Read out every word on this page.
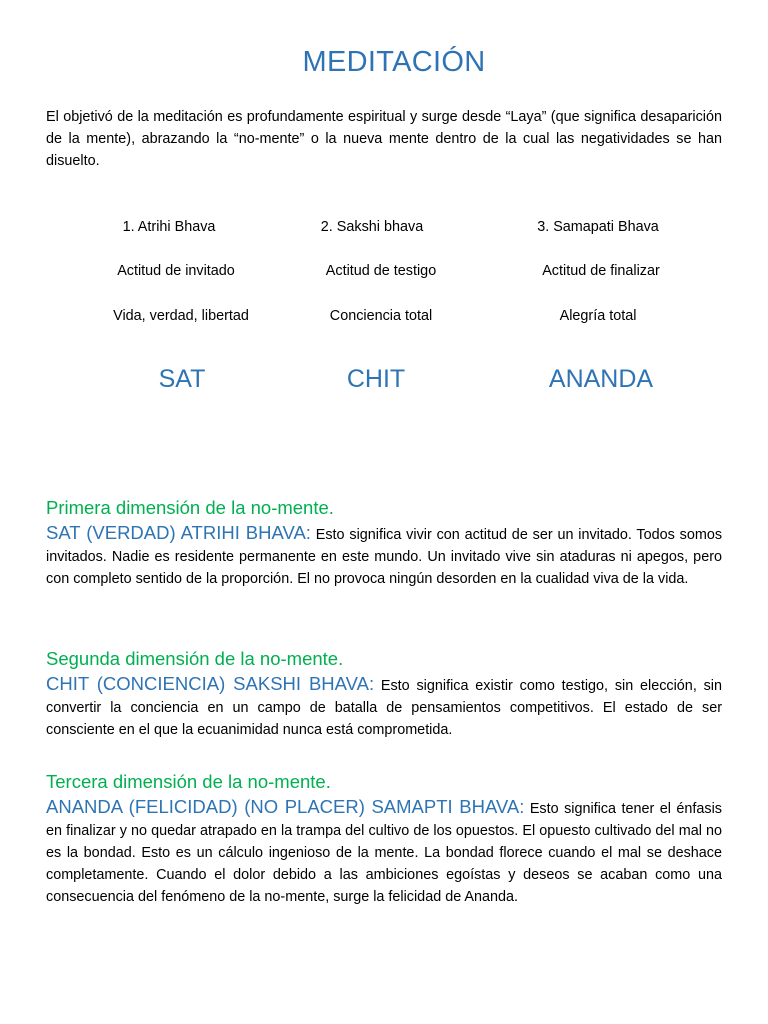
MEDITACIÓN

El objetivó de la meditación es profundamente espiritual y surge desde “Laya” (que significa desaparición de la mente), abrazando la “no-mente” o la nueva mente dentro de la cual las negatividades se han disuelto.

1. Atrihi Bhava
Actitud de invitado
Vida, verdad, libertad
SAT
2. Sakshi bhava
Actitud de testigo
Conciencia total
CHIT
3. Samapati Bhava
Actitud de finalizar
Alegría total
ANANDA

Primera dimensión de la no-mente.

SAT (VERDAD) ATRIHI BHAVA: Esto significa vivir con actitud de ser un invitado. Todos somos invitados. Nadie es residente permanente en este mundo. Un invitado vive sin ataduras ni apegos, pero con completo sentido de la proporción. El no provoca ningún desorden en la cualidad viva de la vida.

Segunda dimensión de la no-mente.

CHIT (CONCIENCIA) SAKSHI BHAVA: Esto significa existir como testigo, sin elección, sin convertir la conciencia en un campo de batalla de pensamientos competitivos. El estado de ser consciente en el que la ecuanimidad nunca está comprometida.

Tercera dimensión de la no-mente.

ANANDA (FELICIDAD) (NO PLACER) SAMAPTI BHAVA: Esto significa tener el énfasis en finalizar y no quedar atrapado en la trampa del cultivo de los opuestos. El opuesto cultivado del mal no es la bondad. Esto es un cálculo ingenioso de la mente. La bondad florece cuando el mal se deshace completamente. Cuando el dolor debido a las ambiciones egoístas y deseos se acaban como una consecuencia del fenómeno de la no-mente, surge la felicidad de Ananda.
